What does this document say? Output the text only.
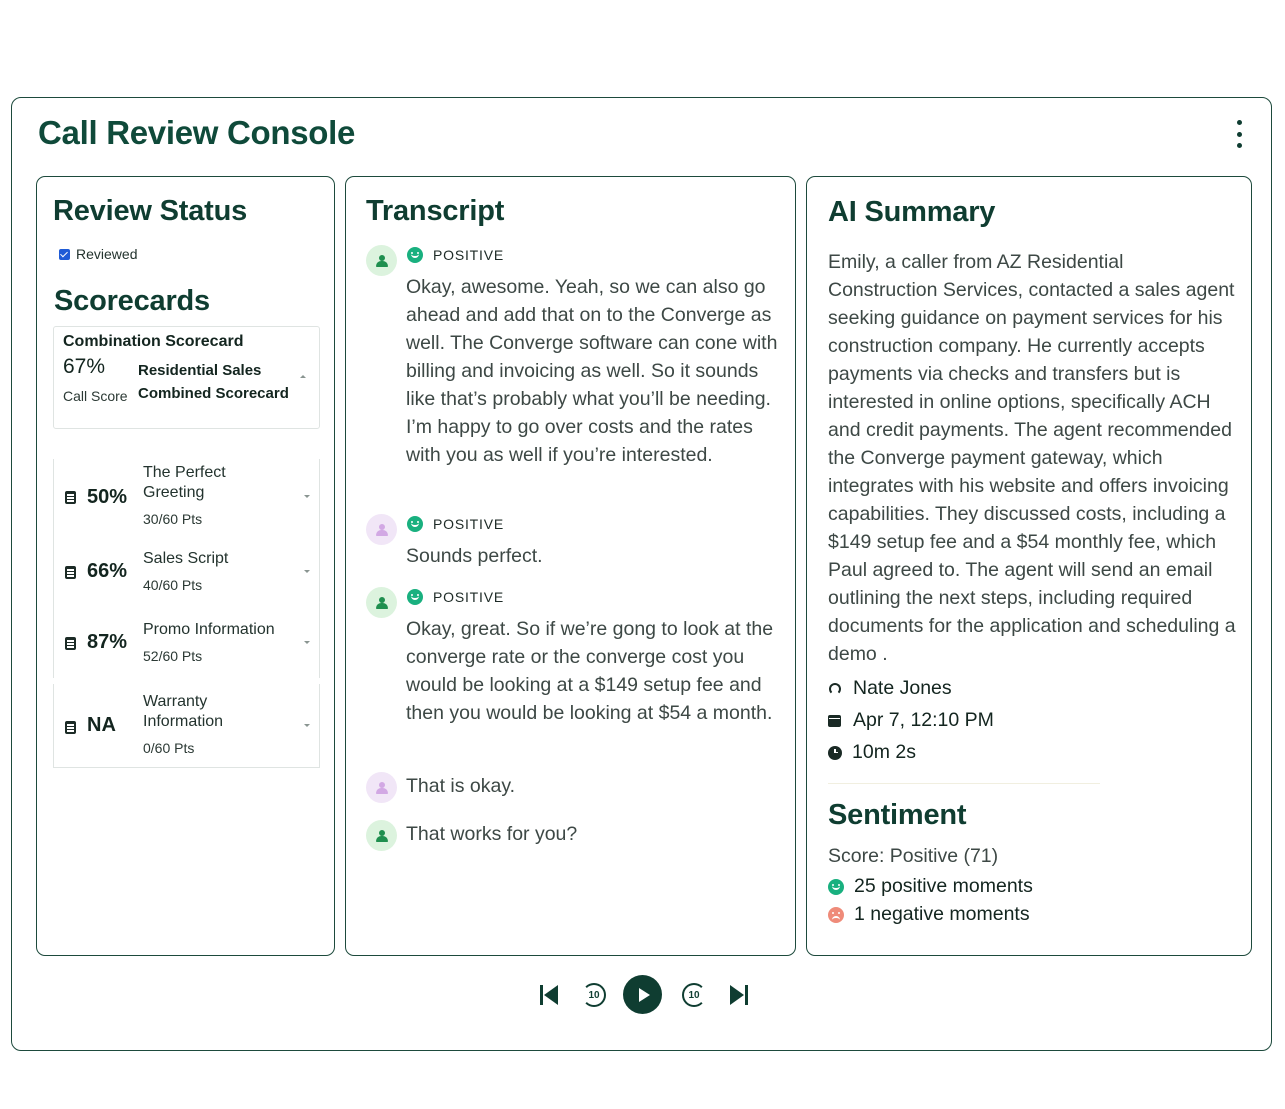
Call Review Console
Review Status
Reviewed
Scorecards
Combination Scorecard
67%
Call Score
Residential Sales
Combined Scorecard
50%
The Perfect Greeting
30/60 Pts
66%
Sales Script
40/60 Pts
87%
Promo Information
52/60 Pts
NA
Warranty Information
0/60 Pts
Transcript
POSITIVE
Okay, awesome. Yeah, so we can also go ahead and add that on to the Converge as well. The Converge software can cone with billing and invoicing as well. So it sounds like that’s probably what you’ll be needing. I’m happy to go over costs and the rates with you as well if you’re interested.
POSITIVE
Sounds perfect.
POSITIVE
Okay, great. So if we’re gong to look at the converge rate or the converge cost you would be looking at a $149 setup fee and then you would be looking at $54 a month.
That is okay.
That works for you?
AI Summary
Emily, a caller from AZ Residential Construction Services, contacted a sales agent seeking guidance on payment services for his construction company. He currently accepts payments via checks and transfers but is interested in online options, specifically ACH and credit payments. The agent recommended the Converge payment gateway, which integrates with his website and offers invoicing capabilities. They discussed costs, including a $149 setup fee and a $54 monthly fee, which Paul agreed to. The agent will send an email outlining the next steps, including required documents for the application and scheduling a demo .
Nate Jones
Apr 7, 12:10 PM
10m 2s
Sentiment
Score: Positive (71)
25 positive moments
1 negative moments
10	10
